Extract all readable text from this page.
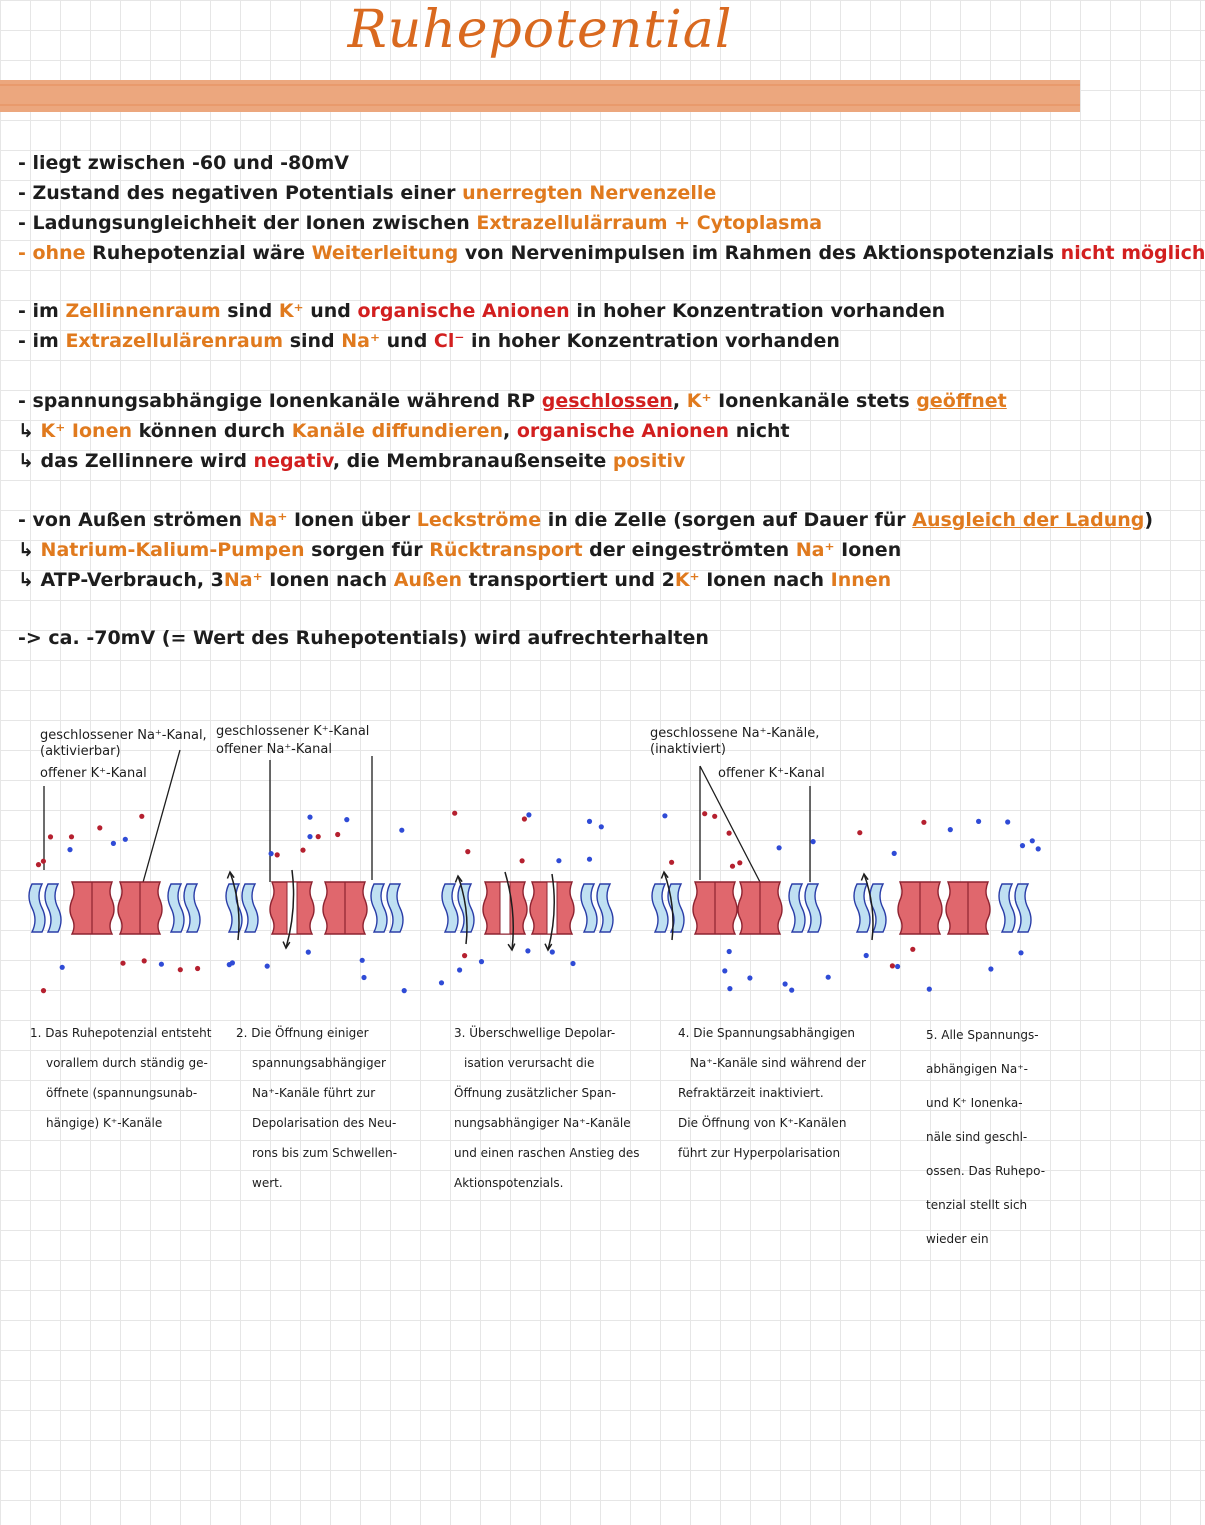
Ruhepotential
- liegt zwischen -60 und -80mV
- Zustand des negativen Potentials einer unerregten Nervenzelle
- Ladungsungleichheit der Ionen zwischen Extrazellulärraum + Cytoplasma
- ohne Ruhepotenzial wäre Weiterleitung von Nervenimpulsen im Rahmen des Aktionspotenzials nicht möglich
- im Zellinnenraum sind K⁺ und organische Anionen in hoher Konzentration vorhanden
- im Extrazellulärenraum sind Na⁺ und Cl⁻ in hoher Konzentration vorhanden
- spannungsabhängige Ionenkanäle während RP geschlossen, K⁺ Ionenkanäle stets geöffnet
↳ K⁺ Ionen können durch Kanäle diffundieren, organische Anionen nicht
↳ das Zellinnere wird negativ, die Membranaußenseite positiv
- von Außen strömen Na⁺ Ionen über Leckströme in die Zelle (sorgen auf Dauer für Ausgleich der Ladung)
↳ Natrium-Kalium-Pumpen sorgen für Rücktransport der eingeströmten Na⁺ Ionen
↳ ATP-Verbrauch, 3Na⁺ Ionen nach Außen transportiert und 2K⁺ Ionen nach Innen
-> ca. -70mV (= Wert des Ruhepotentials) wird aufrechterhalten
geschlossener Na⁺-Kanal,
(aktivierbar)
offener K⁺-Kanal
geschlossener K⁺-Kanal
offener Na⁺-Kanal
geschlossene Na⁺-Kanäle,
(inaktiviert)
offener K⁺-Kanal
1. Das Ruhepotenzial entsteht
vorallem durch ständig ge-
öffnete (spannungsunab-
hängige) K⁺-Kanäle
2. Die Öffnung einiger
spannungsabhängiger
Na⁺-Kanäle führt zur
Depolarisation des Neu-
rons bis zum Schwellen-
wert.
3. Überschwellige Depolar-
isation verursacht die
Öffnung zusätzlicher Span-
nungsabhängiger Na⁺-Kanäle
und einen raschen Anstieg des
Aktionspotenzials.
4. Die Spannungsabhängigen
Na⁺-Kanäle sind während der
Refraktärzeit inaktiviert.
Die Öffnung von K⁺-Kanälen
führt zur Hyperpolarisation
5. Alle Spannungs-
abhängigen Na⁺-
und K⁺ Ionenka-
näle sind geschl-
ossen. Das Ruhepo-
tenzial stellt sich
wieder ein
